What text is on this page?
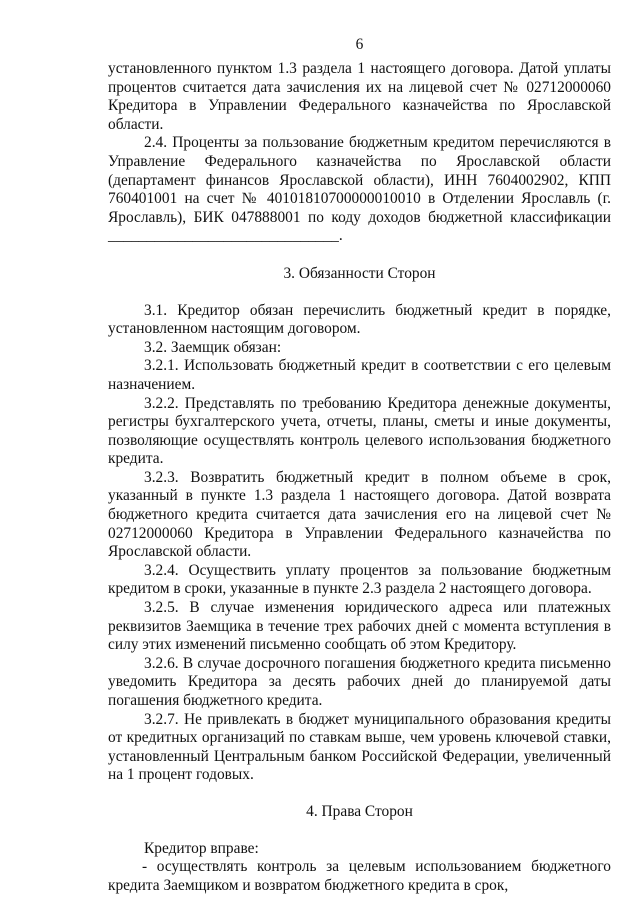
6

установленного пунктом 1.3 раздела 1 настоящего договора. Датой уплаты процентов считается дата зачисления их на лицевой счет № 02712000060 Кредитора в Управлении Федерального казначейства по Ярославской области.

2.4. Проценты за пользование бюджетным кредитом перечисляются в Управление Федерального казначейства по Ярославской области (департамент финансов Ярославской области), ИНН 7604002902, КПП 760401001 на счет № 40101810700000010010 в Отделении Ярославль (г. Ярославль), БИК 047888001 по коду доходов бюджетной классификации ______________________________.

3. Обязанности Сторон

3.1. Кредитор обязан перечислить бюджетный кредит в порядке, установленном настоящим договором.

3.2. Заемщик обязан:

3.2.1. Использовать бюджетный кредит в соответствии с его целевым назначением.

3.2.2. Представлять по требованию Кредитора денежные документы, регистры бухгалтерского учета, отчеты, планы, сметы и иные документы, позволяющие осуществлять контроль целевого использования бюджетного кредита.

3.2.3. Возвратить бюджетный кредит в полном объеме в срок, указанный в пункте 1.3 раздела 1 настоящего договора. Датой возврата бюджетного кредита считается дата зачисления его на лицевой счет № 02712000060 Кредитора в Управлении Федерального казначейства по Ярославской области.

3.2.4. Осуществить уплату процентов за пользование бюджетным кредитом в сроки, указанные в пункте 2.3 раздела 2 настоящего договора.

3.2.5. В случае изменения юридического адреса или платежных реквизитов Заемщика в течение трех рабочих дней с момента вступления в силу этих изменений письменно сообщать об этом Кредитору.

3.2.6. В случае досрочного погашения бюджетного кредита письменно уведомить Кредитора за десять рабочих дней до планируемой даты погашения бюджетного кредита.

3.2.7. Не привлекать в бюджет муниципального образования кредиты от кредитных организаций по ставкам выше, чем уровень ключевой ставки, установленный Центральным банком Российской Федерации, увеличенный на 1 процент годовых.

4. Права Сторон

Кредитор вправе:

- осуществлять контроль за целевым использованием бюджетного кредита Заемщиком и возвратом бюджетного кредита в срок,
